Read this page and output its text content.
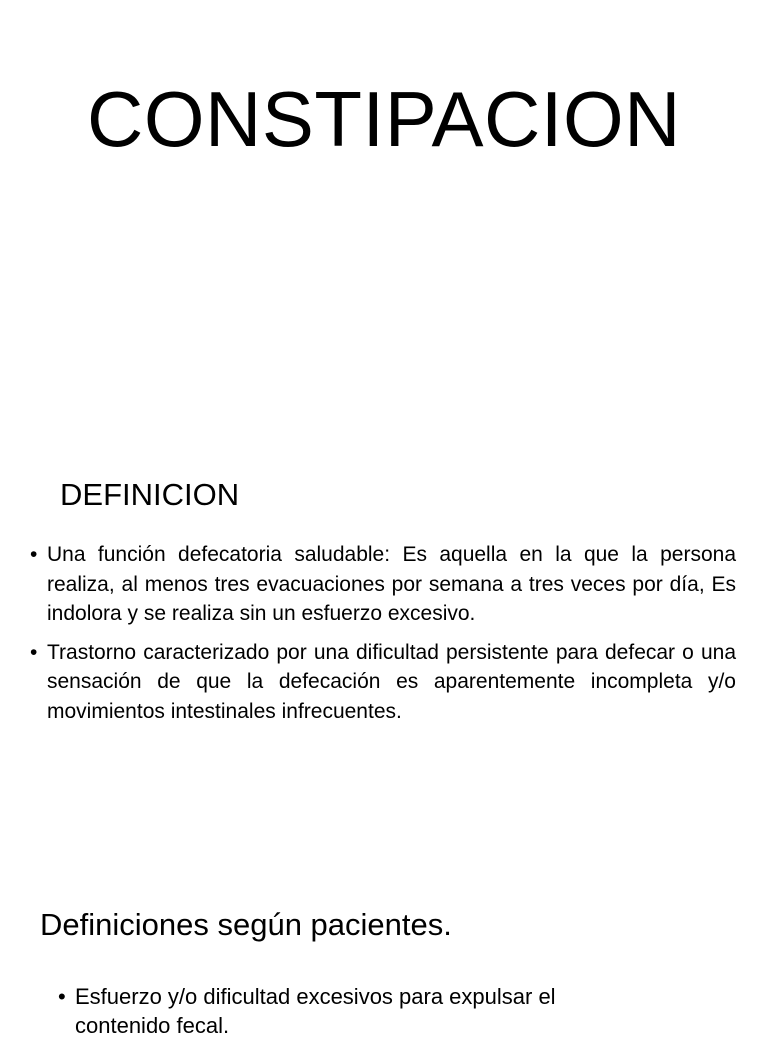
CONSTIPACION
DEFINICION
• Una función defecatoria saludable: Es aquella en la que la persona realiza, al menos tres evacuaciones por semana a tres veces por día, Es indolora y se realiza sin un esfuerzo excesivo.
• Trastorno caracterizado por una dificultad persistente para defecar o una sensación de que la defecación es aparentemente incompleta y/o movimientos intestinales infrecuentes.
Definiciones según pacientes.
• Esfuerzo y/o dificultad excesivos para expulsar el contenido fecal.
